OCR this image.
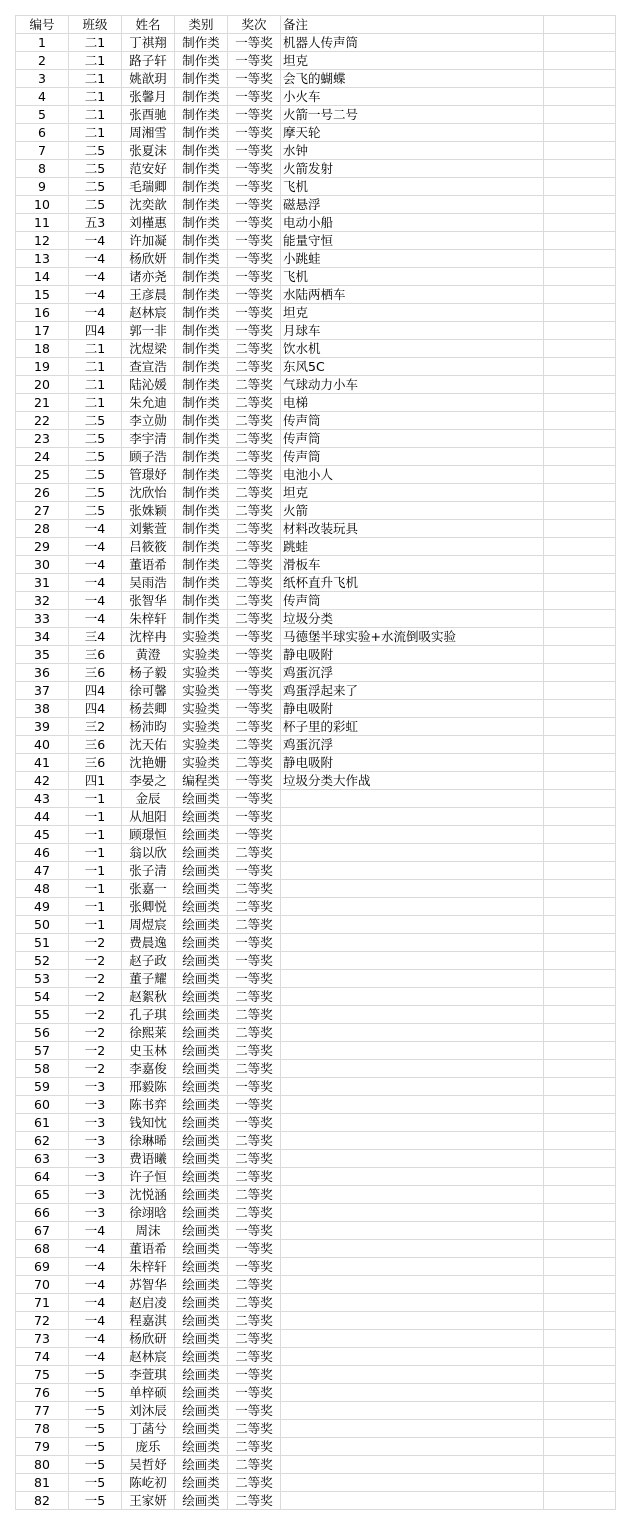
编号	班级	姓名	类别	奖次	备注	
1	二1	丁祺翔	制作类	一等奖	机器人传声筒	
2	二1	路子轩	制作类	一等奖	坦克	
3	二1	姚歆玥	制作类	一等奖	会飞的蝴蝶	
4	二1	张馨月	制作类	一等奖	小火车	
5	二1	张酉驰	制作类	一等奖	火箭一号二号	
6	二1	周湘雪	制作类	一等奖	摩天轮	
7	二5	张夏沫	制作类	一等奖	水钟	
8	二5	范安好	制作类	一等奖	火箭发射	
9	二5	毛瑞卿	制作类	一等奖	飞机	
10	二5	沈奕歆	制作类	一等奖	磁悬浮	
11	五3	刘槿惠	制作类	一等奖	电动小船	
12	一4	许加凝	制作类	一等奖	能量守恒	
13	一4	杨欣妍	制作类	一等奖	小跳蛙	
14	一4	诸亦尧	制作类	一等奖	飞机	
15	一4	王彦晨	制作类	一等奖	水陆两栖车	
16	一4	赵林宸	制作类	一等奖	坦克	
17	四4	郭一非	制作类	一等奖	月球车	
18	二1	沈煜梁	制作类	二等奖	饮水机	
19	二1	查宣浩	制作类	二等奖	东风5C	
20	二1	陆沁媛	制作类	二等奖	气球动力小车	
21	二1	朱允迪	制作类	二等奖	电梯	
22	二5	李立勋	制作类	二等奖	传声筒	
23	二5	李宇清	制作类	二等奖	传声筒	
24	二5	顾子浩	制作类	二等奖	传声筒	
25	二5	管璟妤	制作类	二等奖	电池小人	
26	二5	沈欣怡	制作类	二等奖	坦克	
27	二5	张姝颖	制作类	二等奖	火箭	
28	一4	刘紫萱	制作类	二等奖	材料改装玩具	
29	一4	吕筱筱	制作类	二等奖	跳蛙	
30	一4	董语希	制作类	二等奖	滑板车	
31	一4	吴雨浩	制作类	二等奖	纸杯直升飞机	
32	一4	张智华	制作类	二等奖	传声筒	
33	一4	朱梓轩	制作类	二等奖	垃圾分类	
34	三4	沈梓冉	实验类	一等奖	马德堡半球实验+水流倒吸实验	
35	三6	黄澄	实验类	一等奖	静电吸附	
36	三6	杨子毅	实验类	一等奖	鸡蛋沉浮	
37	四4	徐可馨	实验类	一等奖	鸡蛋浮起来了	
38	四4	杨芸卿	实验类	一等奖	静电吸附	
39	三2	杨沛昀	实验类	二等奖	杯子里的彩虹	
40	三6	沈天佑	实验类	二等奖	鸡蛋沉浮	
41	三6	沈艳姗	实验类	二等奖	静电吸附	
42	四1	李晏之	编程类	一等奖	垃圾分类大作战	
43	一1	金辰	绘画类	一等奖		
44	一1	从旭阳	绘画类	一等奖		
45	一1	顾璟恒	绘画类	一等奖		
46	一1	翁以欣	绘画类	二等奖		
47	一1	张子清	绘画类	一等奖		
48	一1	张嘉一	绘画类	二等奖		
49	一1	张卿悦	绘画类	二等奖		
50	一1	周煜宸	绘画类	二等奖		
51	一2	费晨逸	绘画类	一等奖		
52	一2	赵子政	绘画类	一等奖		
53	一2	董子耀	绘画类	一等奖		
54	一2	赵絮秋	绘画类	二等奖		
55	一2	孔子琪	绘画类	二等奖		
56	一2	徐熙莱	绘画类	二等奖		
57	一2	史玉林	绘画类	二等奖		
58	一2	李嘉俊	绘画类	二等奖		
59	一3	邢毅陈	绘画类	一等奖		
60	一3	陈书弈	绘画类	一等奖		
61	一3	钱知忱	绘画类	一等奖		
62	一3	徐琳晞	绘画类	二等奖		
63	一3	费语曦	绘画类	二等奖		
64	一3	许子恒	绘画类	二等奖		
65	一3	沈悦涵	绘画类	二等奖		
66	一3	徐翊晗	绘画类	二等奖		
67	一4	周沫	绘画类	一等奖		
68	一4	董语希	绘画类	一等奖		
69	一4	朱梓轩	绘画类	一等奖		
70	一4	苏智华	绘画类	二等奖		
71	一4	赵启凌	绘画类	二等奖		
72	一4	程嘉淇	绘画类	二等奖		
73	一4	杨欣研	绘画类	二等奖		
74	一4	赵林宸	绘画类	二等奖		
75	一5	李萱琪	绘画类	一等奖		
76	一5	单梓硕	绘画类	一等奖		
77	一5	刘沐辰	绘画类	一等奖		
78	一5	丁菡兮	绘画类	二等奖		
79	一5	庞乐	绘画类	二等奖		
80	一5	吴哲妤	绘画类	二等奖		
81	一5	陈屹初	绘画类	二等奖		
82	一5	王家妍	绘画类	二等奖		
